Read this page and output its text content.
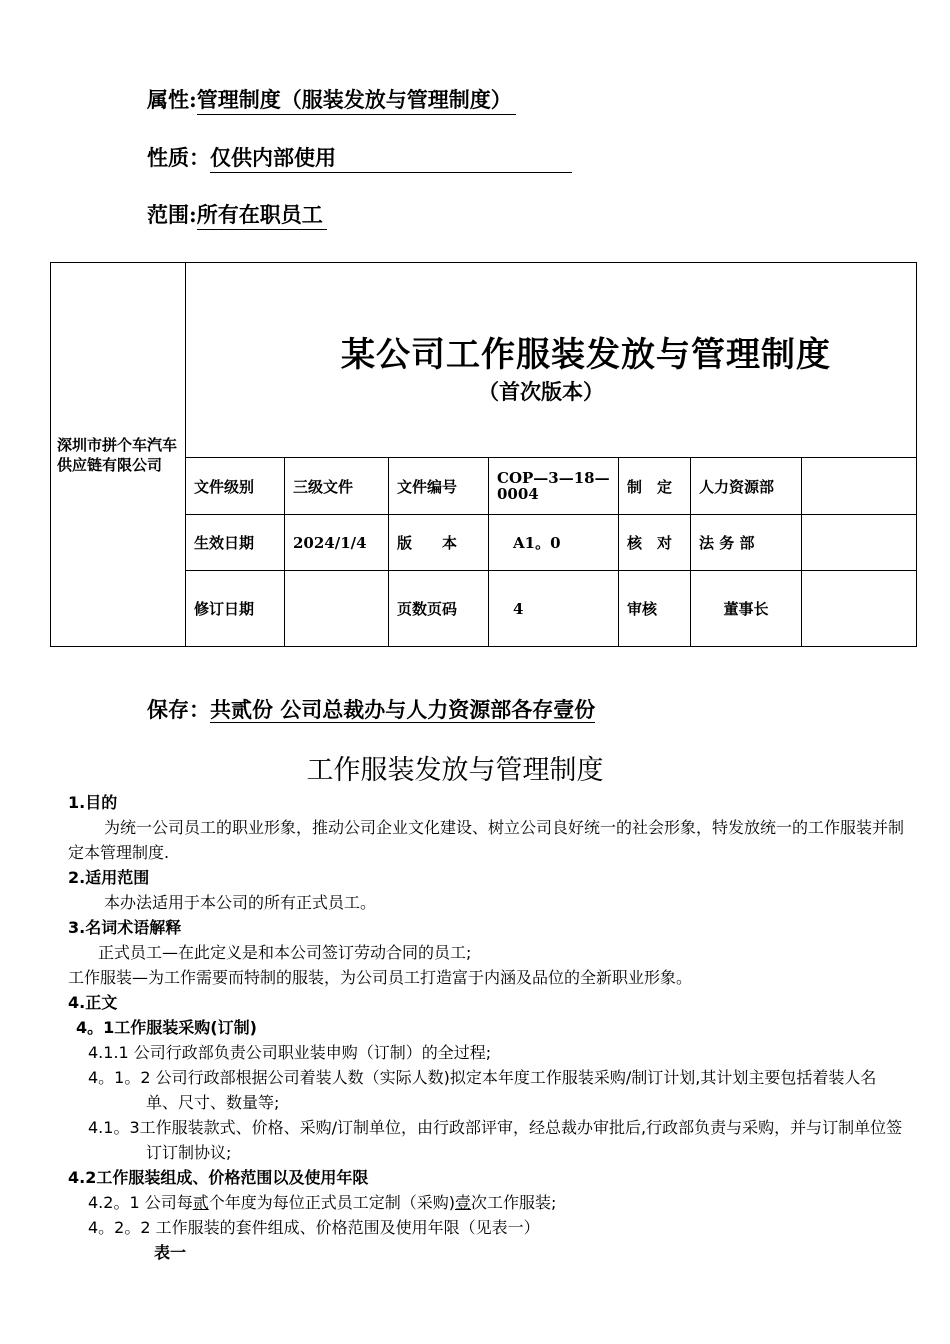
属性:管理制度（服装发放与管理制度）
性质：仅供内部使用
范围:所有在职员工
深圳市拼个车汽车供应链有限公司	某公司工作服装发放与管理制度
（首次版本）						

	文件级别	三级文件	文件编号	COP—3—18—0004	制　定	人力资源部	
	生效日期	2024/1/4	版　　本	A1。0	核　对	法 务 部	
	修订日期		页数页码	4	审核	董事长	
保存：共贰份 公司总裁办与人力资源部各存壹份
工作服装发放与管理制度

1.目的

为统一公司员工的职业形象，推动公司企业文化建设、树立公司良好统一的社会形象，特发放统一的工作服装并制定本管理制度.

2.适用范围

本办法适用于本公司的所有正式员工。

3.名词术语解释

正式员工—在此定义是和本公司签订劳动合同的员工;

工作服装—为工作需要而特制的服装，为公司员工打造富于内涵及品位的全新职业形象。

4.正文

4。1工作服装采购(订制)

4.1.1 公司行政部负责公司职业装申购（订制）的全过程;

4。1。2 公司行政部根据公司着装人数（实际人数)拟定本年度工作服装采购/制订计划,其计划主要包括着装人名单、尺寸、数量等;

4.1。3工作服装款式、价格、采购/订制单位，由行政部评审，经总裁办审批后,行政部负责与采购，并与订制单位签订订制协议;

4.2工作服装组成、价格范围以及使用年限

4.2。1 公司每贰个年度为每位正式员工定制（采购)壹次工作服装;

4。2。2 工作服装的套件组成、价格范围及使用年限（见表一）

表一
